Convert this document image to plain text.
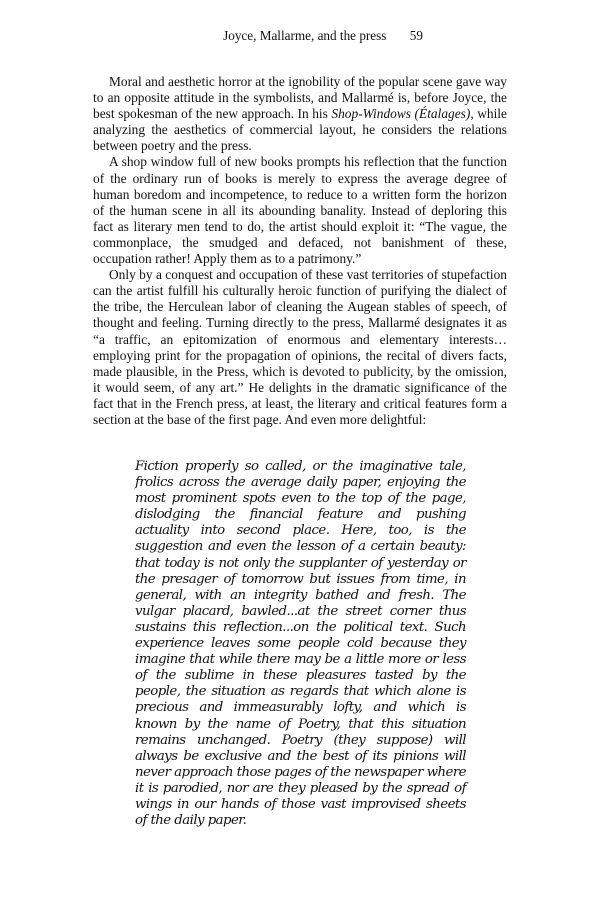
Joyce, Mallarme, and the press 59

Moral and aesthetic horror at the ignobility of the popular scene gave way to an opposite attitude in the symbolists, and Mallarmé is, before Joyce, the best spokesman of the new approach. In his Shop-Windows (Étalages), while analyzing the aesthetics of commercial layout, he considers the relations between poetry and the press.

A shop window full of new books prompts his reflection that the function of the ordinary run of books is merely to express the average degree of human boredom and incompetence, to reduce to a written form the horizon of the human scene in all its abounding banality. Instead of deploring this fact as literary men tend to do, the artist should exploit it: “The vague, the commonplace, the smudged and defaced, not banishment of these, occupation rather! Apply them as to a patrimony.”

Only by a conquest and occupation of these vast territories of stupefaction can the artist fulfill his culturally heroic function of purifying the dialect of the tribe, the Herculean labor of cleaning the Augean stables of speech, of thought and feeling. Turning directly to the press, Mallarmé designates it as “a traffic, an epitomization of enormous and elementary interests…employing print for the propagation of opinions, the recital of divers facts, made plausible, in the Press, which is devoted to publicity, by the omission, it would seem, of any art.” He delights in the dramatic significance of the fact that in the French press, at least, the literary and critical features form a section at the base of the first page. And even more delightful:

Fiction properly so called, or the imaginative tale, frolics across the average daily paper, enjoying the most prominent spots even to the top of the page, dislodging the financial feature and pushing actuality into second place. Here, too, is the suggestion and even the lesson of a certain beauty: that today is not only the supplanter of yesterday or the presager of tomorrow but issues from time, in general, with an integrity bathed and fresh. The vulgar placard, bawled...at the street corner thus sustains this reflection...on the political text. Such experience leaves some people cold because they imagine that while there may be a little more or less of the sublime in these pleasures tasted by the people, the situation as regards that which alone is precious and immeasurably lofty, and which is known by the name of Poetry, that this situation remains unchanged. Poetry (they suppose) will always be exclusive and the best of its pinions will never approach those pages of the newspaper where it is parodied, nor are they pleased by the spread of wings in our hands of those vast improvised sheets of the daily paper.
